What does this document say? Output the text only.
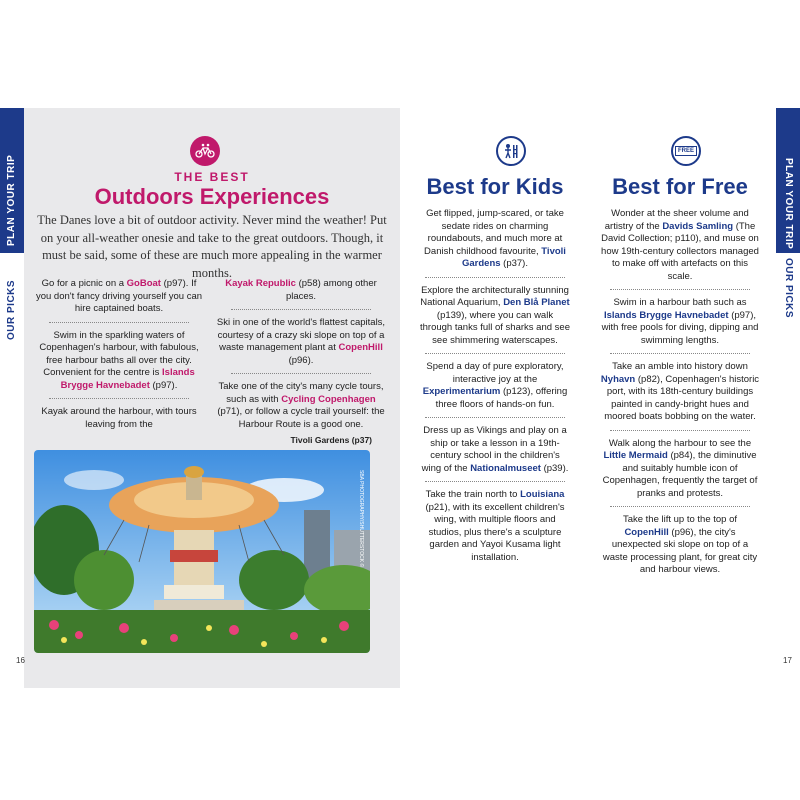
PLAN YOUR TRIP
OUR PICKS
THE BEST
Outdoors Experiences
The Danes love a bit of outdoor activity. Never mind the weather! Put on your all-weather onesie and take to the great outdoors. Though, it must be said, some of these are much more appealing in the warmer months.
Go for a picnic on a GoBoat (p97). If you don't fancy driving yourself you can hire captained boats.
Swim in the sparkling waters of Copenhagen's harbour, with fabulous, free harbour baths all over the city. Convenient for the centre is Islands Brygge Havnebadet (p97).
Kayak around the harbour, with tours leaving from the
Kayak Republic (p58) among other places.
Ski in one of the world's flattest capitals, courtesy of a crazy ski slope on top of a waste management plant at CopenHill (p96).
Take one of the city's many cycle tours, such as with Cycling Copenhagen (p71), or follow a cycle trail yourself: the Harbour Route is a good one.
Tivoli Gardens (p37)
SBA PHOTOGRAPHY/SHUTTERSTOCK ©
16
Best for Kids
Get flipped, jump-scared, or take sedate rides on charming roundabouts, and much more at Danish childhood favourite, Tivoli Gardens (p37).
Explore the architecturally stunning National Aquarium, Den Blå Planet (p139), where you can walk through tanks full of sharks and see see shimmering waterscapes.
Spend a day of pure exploratory, interactive joy at the Experimentarium (p123), offering three floors of hands-on fun.
Dress up as Vikings and play on a ship or take a lesson in a 19th-century school in the children's wing of the Nationalmuseet (p39).
Take the train north to Louisiana (p21), with its excellent children's wing, with multiple floors and studios, plus there's a sculpture garden and Yayoi Kusama light installation.
FREE
Best for Free
Wonder at the sheer volume and artistry of the Davids Samling (The David Collection; p110), and muse on how 19th-century collectors managed to make off with artefacts on this scale.
Swim in a harbour bath such as Islands Brygge Havnebadet (p97), with free pools for diving, dipping and swimming lengths.
Take an amble into history down Nyhavn (p82), Copenhagen's historic port, with its 18th-century buildings painted in candy-bright hues and moored boats bobbing on the water.
Walk along the harbour to see the Little Mermaid (p84), the diminutive and suitably humble icon of Copenhagen, frequently the target of pranks and protests.
Take the lift up to the top of CopenHill (p96), the city's unexpected ski slope on top of a waste processing plant, for great city and harbour views.
17
PLAN YOUR TRIP
OUR PICKS
